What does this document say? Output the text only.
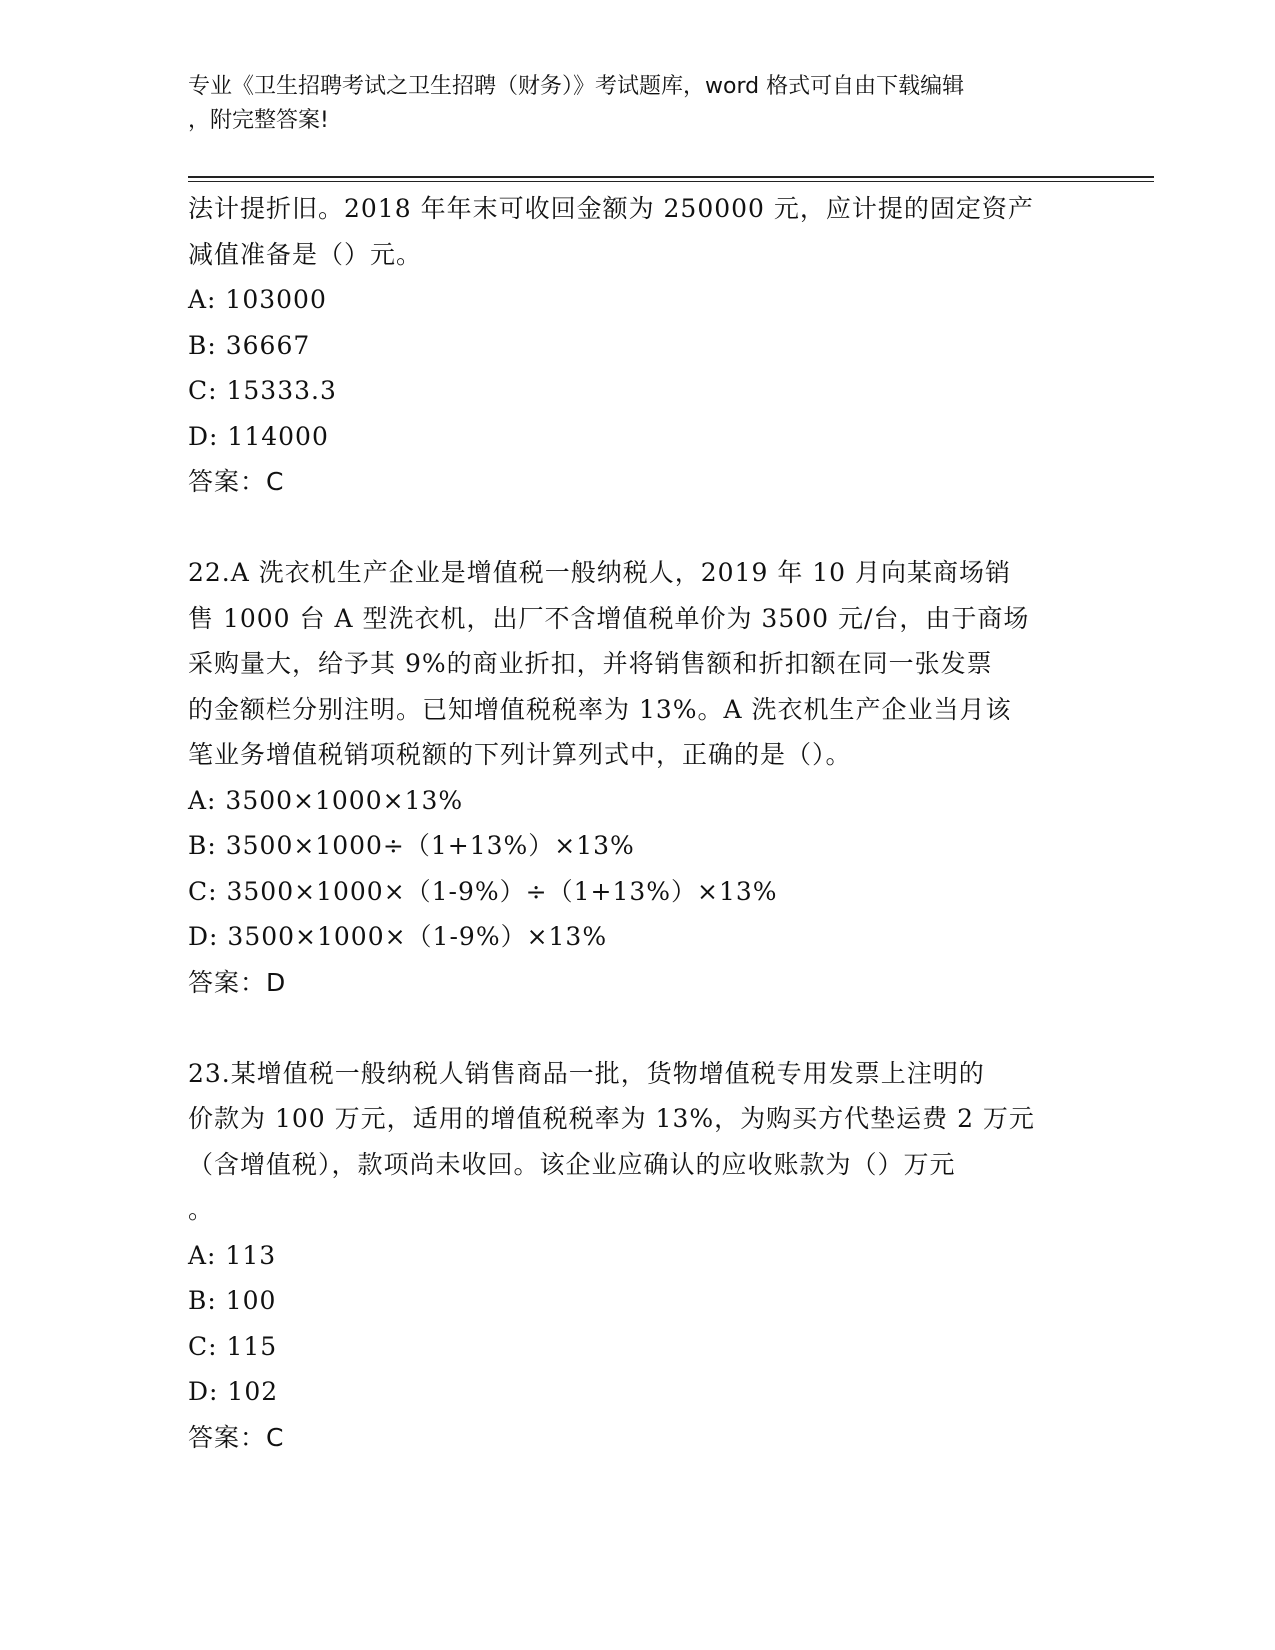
专业《卫生招聘考试之卫生招聘（财务）》考试题库，word 格式可自由下载编辑
，附完整答案!
法计提折旧。2018 年年末可收回金额为 250000 元，应计提的固定资产
减值准备是（）元。
A: 103000
B: 36667
C: 15333.3
D: 114000
答案：C
22.A 洗衣机生产企业是增值税一般纳税人，2019 年 10 月向某商场销
售 1000 台 A 型洗衣机，出厂不含增值税单价为 3500 元/台，由于商场
采购量大，给予其 9%的商业折扣，并将销售额和折扣额在同一张发票
的金额栏分别注明。已知增值税税率为 13%。A 洗衣机生产企业当月该
笔业务增值税销项税额的下列计算列式中，正确的是（）。
A: 3500×1000×13%
B: 3500×1000÷（1+13%）×13%
C: 3500×1000×（1-9%）÷（1+13%）×13%
D: 3500×1000×（1-9%）×13%
答案：D
23.某增值税一般纳税人销售商品一批，货物增值税专用发票上注明的
价款为 100 万元，适用的增值税税率为 13%，为购买方代垫运费 2 万元
（含增值税），款项尚未收回。该企业应确认的应收账款为（）万元
。
A: 113
B: 100
C: 115
D: 102
答案：C
